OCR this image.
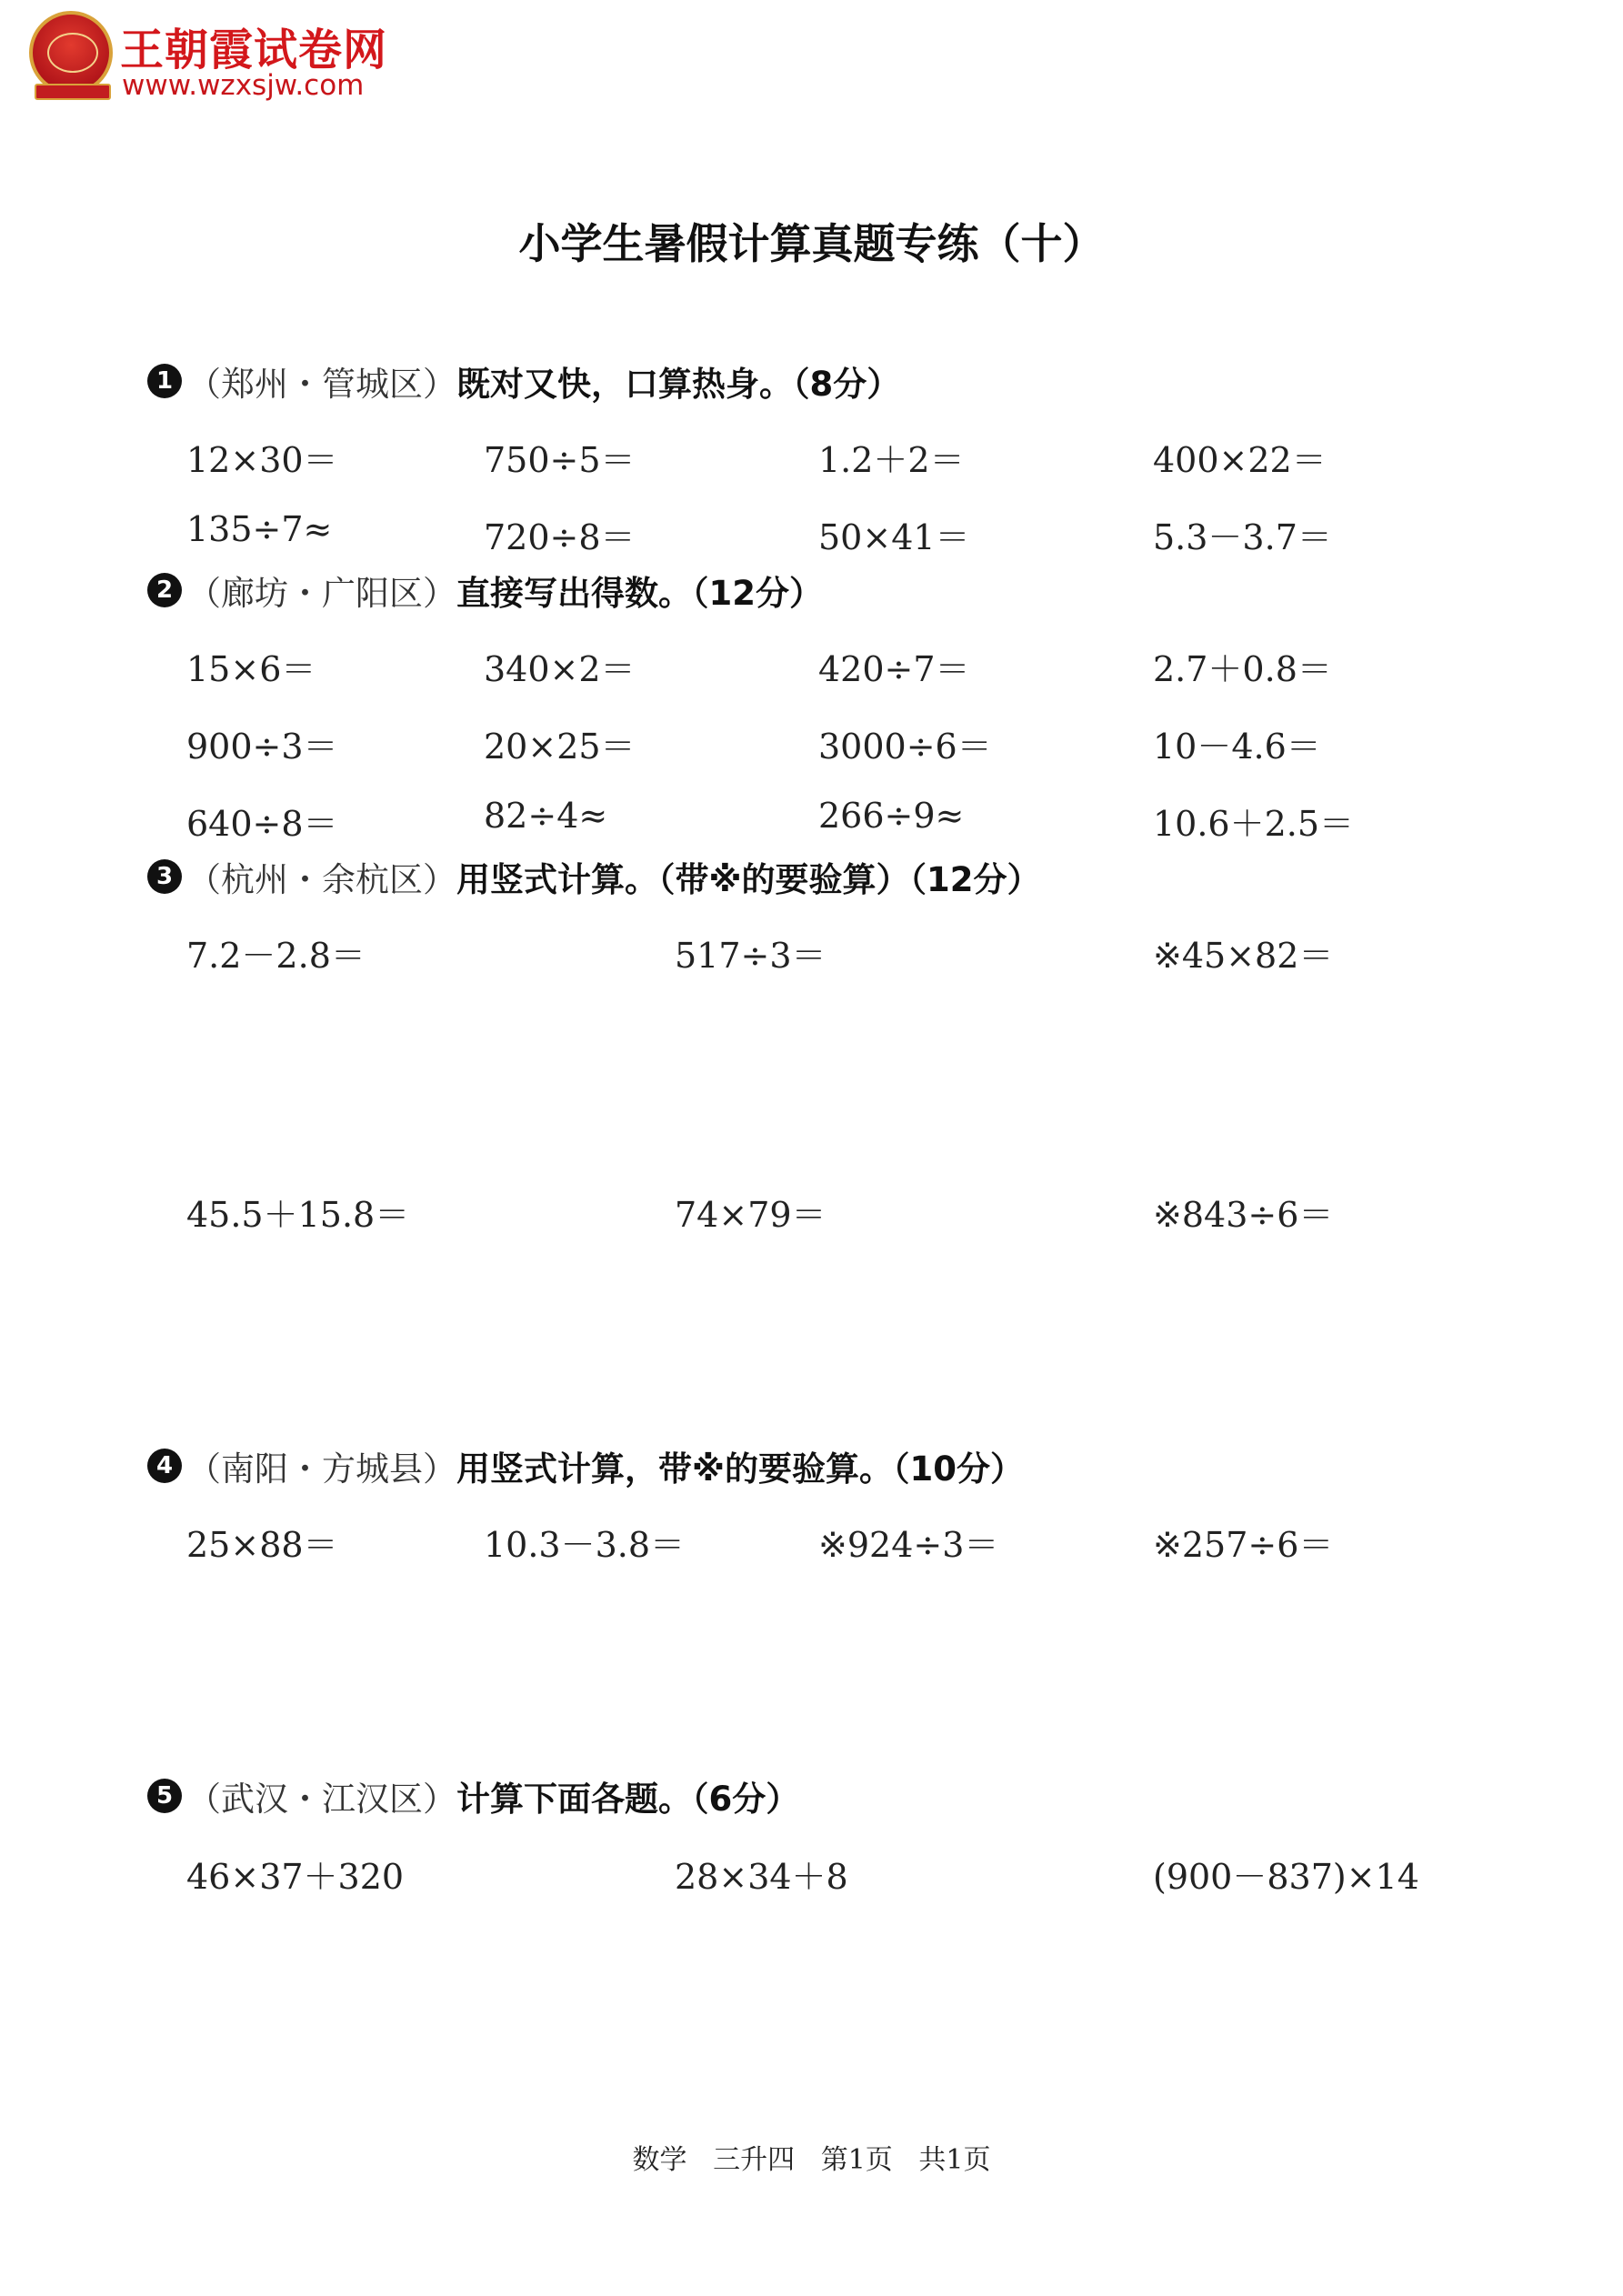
王朝霞试卷网
www.wzxsjw.com
小学生暑假计算真题专练（十）
1 （郑州・管城区） 既对又快，口算热身。（8分）
12×30＝	750÷5＝	1.2＋2＝	400×22＝
135÷7≈	720÷8＝	50×41＝	5.3－3.7＝
2 （廊坊・广阳区） 直接写出得数。（12分）
15×6＝	340×2＝	420÷7＝	2.7＋0.8＝
900÷3＝	20×25＝	3000÷6＝	10－4.6＝
640÷8＝	82÷4≈	266÷9≈	10.6＋2.5＝
3 （杭州・余杭区） 用竖式计算。（带※的要验算）（12分）
7.2－2.8＝	517÷3＝	※45×82＝
45.5＋15.8＝	74×79＝	※843÷6＝
4 （南阳・方城县） 用竖式计算，带※的要验算。（10分）
25×88＝	10.3－3.8＝	※924÷3＝	※257÷6＝
5 （武汉・江汉区） 计算下面各题。（6分）
46×37＋320	28×34＋8	(900－837)×14
数学 三升四 第1页 共1页
